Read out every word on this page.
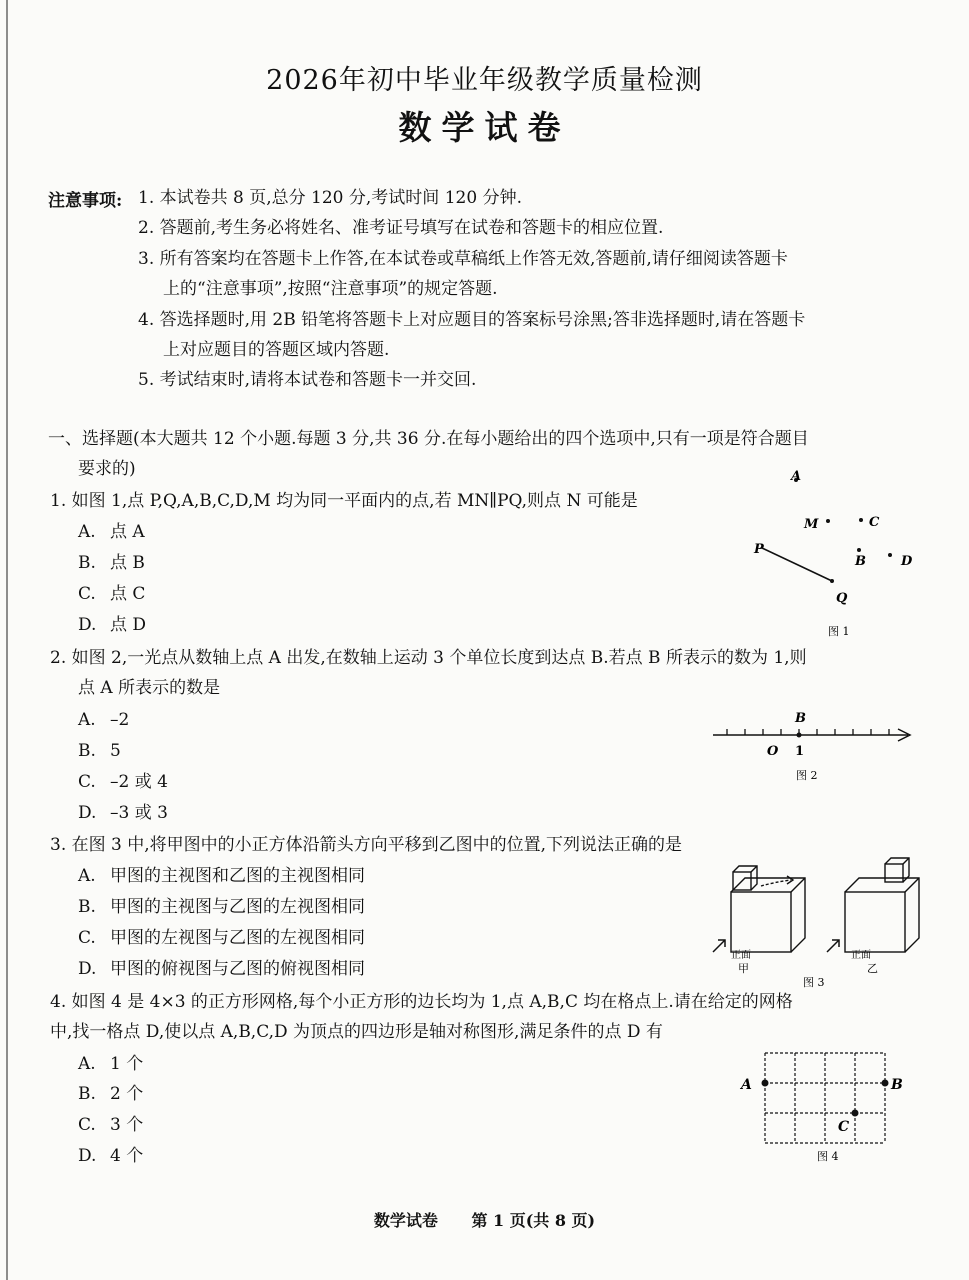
2026年初中毕业年级教学质量检测
数学试卷
注意事项: 1. 本试卷共 8 页,总分 120 分,考试时间 120 分钟.
2. 答题前,考生务必将姓名、准考证号填写在试卷和答题卡的相应位置.
3. 所有答案均在答题卡上作答,在本试卷或草稿纸上作答无效,答题前,请仔细阅读答题卡
上的“注意事项”,按照“注意事项”的规定答题.
4. 答选择题时,用 2B 铅笔将答题卡上对应题目的答案标号涂黑;答非选择题时,请在答题卡
上对应题目的答题区域内答题.
5. 考试结束时,请将本试卷和答题卡一并交回.
一、选择题(本大题共 12 个小题.每题 3 分,共 36 分.在每小题给出的四个选项中,只有一项是符合题目
要求的)
1. 如图 1,点 P,Q,A,B,C,D,M 均为同一平面内的点,若 MN∥PQ,则点 N 可能是
A. 点 A
B. 点 B
C. 点 C
D. 点 D
A
M	C
P
B	D
Q
图 1
2. 如图 2,一光点从数轴上点 A 出发,在数轴上运动 3 个单位长度到达点 B.若点 B 所表示的数为 1,则
点 A 所表示的数是
A. –2
B. 5
C. –2 或 4
D. –3 或 3
B
O 1
图 2
3. 在图 3 中,将甲图中的小正方体沿箭头方向平移到乙图中的位置,下列说法正确的是
A. 甲图的主视图和乙图的主视图相同
B. 甲图的主视图与乙图的左视图相同
C. 甲图的左视图与乙图的左视图相同
D. 甲图的俯视图与乙图的俯视图相同
正面
甲
正面
乙
图 3
4. 如图 4 是 4×3 的正方形网格,每个小正方形的边长均为 1,点 A,B,C 均在格点上.请在给定的网格
中,找一格点 D,使以点 A,B,C,D 为顶点的四边形是轴对称图形,满足条件的点 D 有
A. 1 个
B. 2 个
C. 3 个
D. 4 个
A	B
C
图 4
数学试卷 第 1 页(共 8 页)
